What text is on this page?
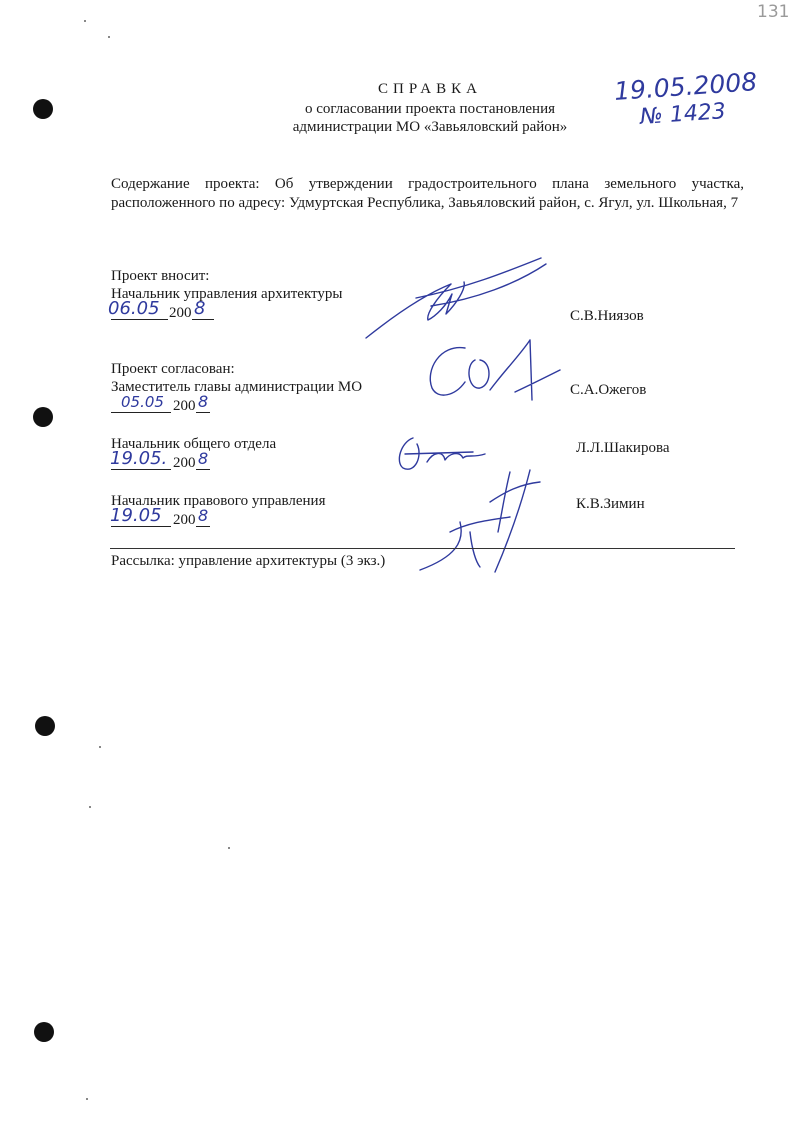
131
19.05.2008
№ 1423
СПРАВКА
о согласовании проекта постановления
администрации МО «Завьяловский район»
Содержание проекта: Об утверждении градостроительного плана земельного участка, расположенного по адресу: Удмуртская Республика, Завьяловский район, с. Ягул, ул. Школьная, 7
Проект вносит:
Начальник управления архитектуры
06.05 200 8	С.В.Ниязов
Проект согласован:
Заместитель главы администрации МО
05.05 200 8
С.А.Ожегов
Начальник общего отдела
19.05. 200 8
Л.Л.Шакирова
Начальник правового управления
19.05 200 8
К.В.Зимин
Рассылка: управление архитектуры (3 экз.)
